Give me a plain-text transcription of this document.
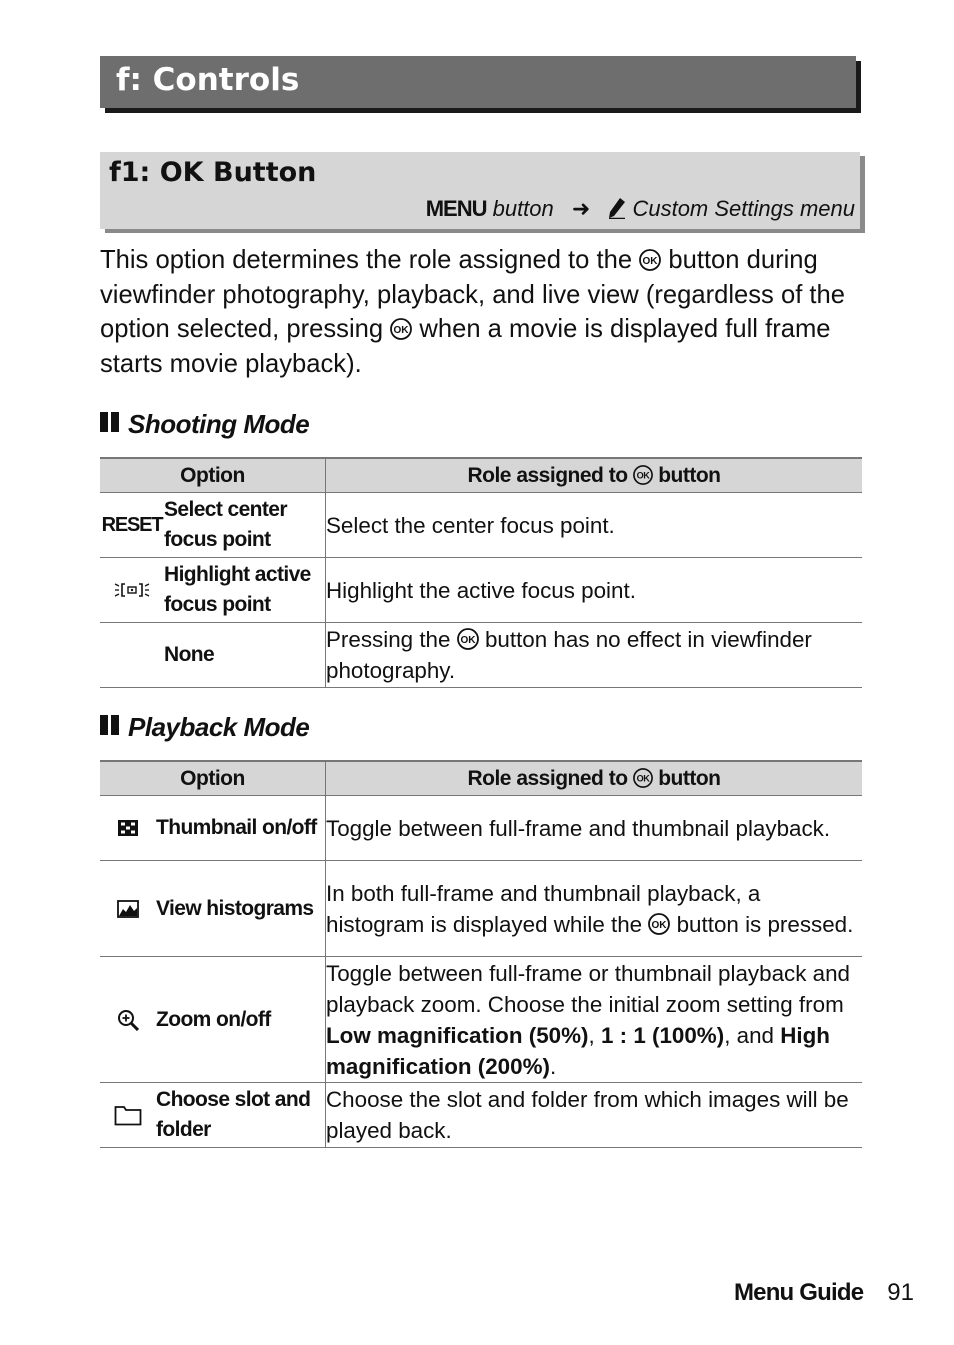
f: Controls
f1: OK Button
MENU button ➜ Custom Settings menu
This option determines the role assigned to the OK button during viewfinder photography, playback, and live view (regardless of the option selected, pressing OK when a movie is displayed full frame starts movie playback).
Shooting Mode
Option	Role assigned to OK button

RESET
Select center
focus point	Select the center focus point.

Highlight active
focus point	Highlight the active focus point.

None	Pressing the OK button has no effect in viewfinder photography.
Playback Mode
Option	Role assigned to OK button

Thumbnail on/off	Toggle between full-frame and thumbnail playback.

View histograms	In both full-frame and thumbnail playback, a histogram is displayed while the OK button is pressed.

Zoom on/off	Toggle between full-frame or thumbnail playback and playback zoom. Choose the initial zoom setting from Low magnification (50%), 1 : 1 (100%), and High magnification (200%).

Choose slot and
folder	Choose the slot and folder from which images will be played back.
Menu Guide 91
